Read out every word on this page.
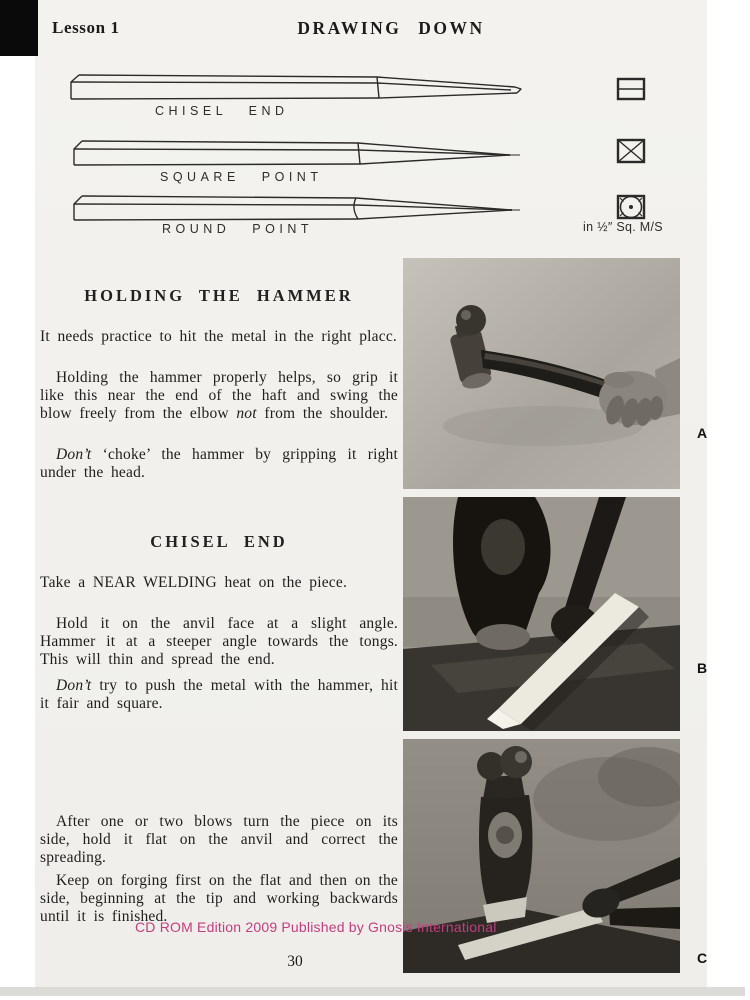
Lesson 1	DRAWING DOWN
CHISEL END
SQUARE POINT
ROUND POINT	in ½″ Sq. M/S
HOLDING THE HAMMER

It needs practice to hit the metal in the right placc.

Holding the hammer properly helps, so grip it like this near the end of the haft and swing the blow freely from the elbow not from the shoulder.

Don’t ‘choke’ the hammer by gripping it right under the head.

CHISEL END

Take a NEAR WELDING heat on the piece.

Hold it on the anvil face at a slight angle. Hammer it at a steeper angle towards the tongs. This will thin and spread the end.

Don’t try to push the metal with the hammer, hit it fair and square.

After one or two blows turn the piece on its side, hold it flat on the anvil and correct the spreading.

Keep on forging first on the flat and then on the side, beginning at the tip and working backwards until it is finished.

A
B
C
CD ROM Edition 2009 Published by Gnosis International
30
